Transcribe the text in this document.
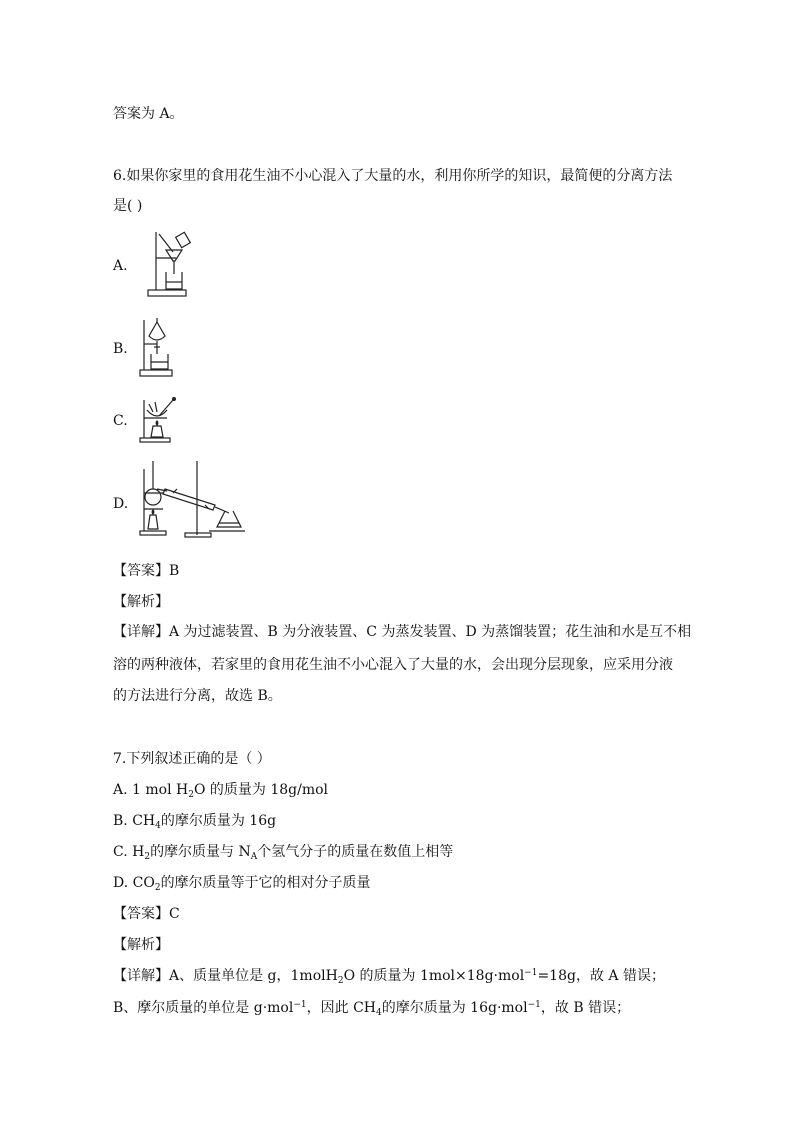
答案为 A。
6.如果你家里的食用花生油不小心混入了大量的水，利用你所学的知识，最简便的分离方法
是( )
A.
B.
C.
D.
【答案】B
【解析】
【详解】A 为过滤装置、B 为分液装置、C 为蒸发装置、D 为蒸馏装置；花生油和水是互不相
溶的两种液体，若家里的食用花生油不小心混入了大量的水，会出现分层现象，应采用分液
的方法进行分离，故选 B。
7.下列叙述正确的是（ ）
A. 1 mol $H_2O$ 的质量为 18g/mol
B. $CH_4$的摩尔质量为 16g
C. $H_2$的摩尔质量与 $N_A$个氢气分子的质量在数值上相等
D. $CO_2$的摩尔质量等于它的相对分子质量
【答案】C
【解析】
【详解】A、质量单位是 g，1molH$_2$O 的质量为 1mol×18g·mol$^{-1}$=18g，故 A 错误；
B、摩尔质量的单位是 g·mol$^{-1}$，因此 $CH_4$的摩尔质量为 16g·mol$^{-1}$，故 B 错误；
